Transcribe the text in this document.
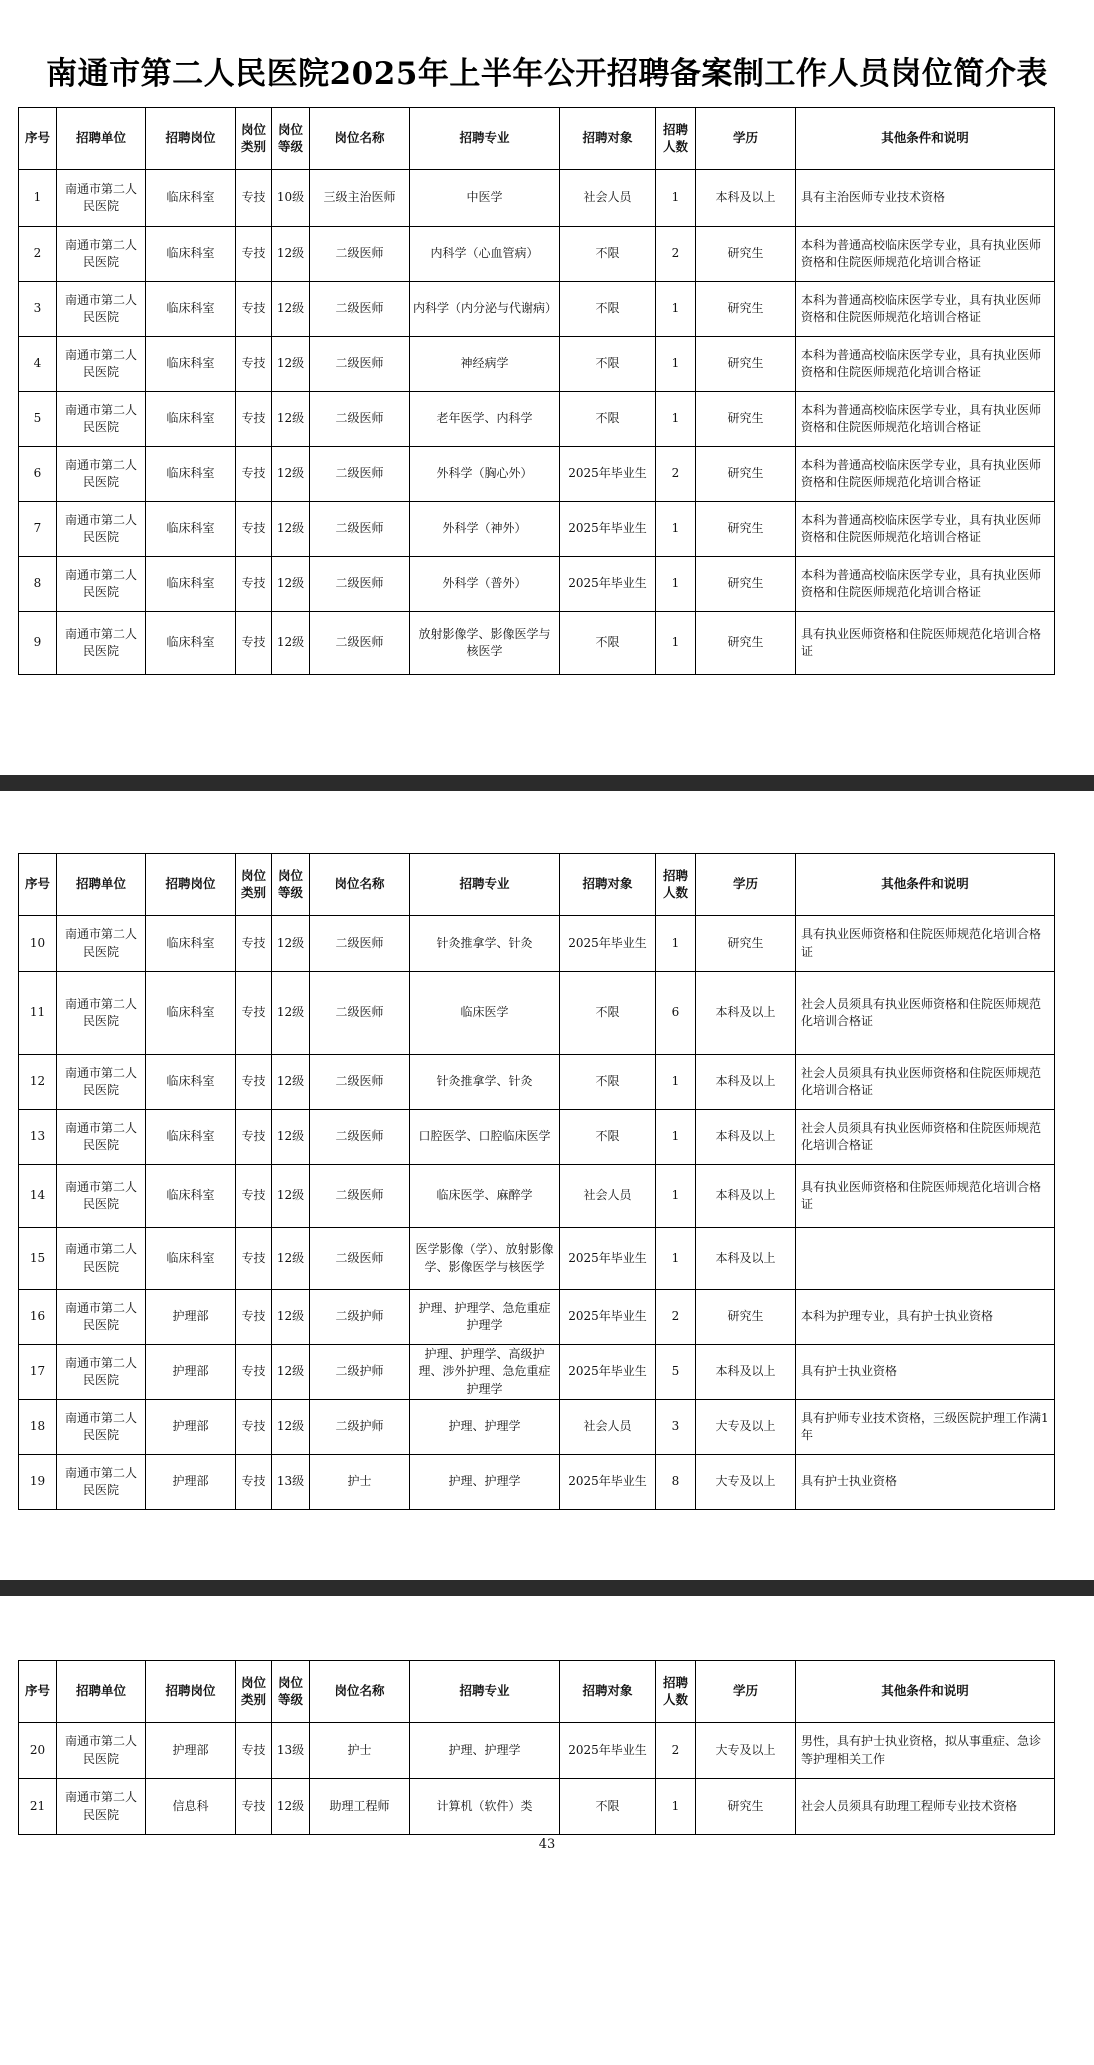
南通市第二人民医院2025年上半年公开招聘备案制工作人员岗位简介表
序号	招聘单位	招聘岗位	岗位类别	岗位等级	岗位名称	招聘专业	招聘对象	招聘人数	学历	其他条件和说明
1	南通市第二人民医院	临床科室	专技	10级	三级主治医师	中医学	社会人员	1	本科及以上	具有主治医师专业技术资格
2	南通市第二人民医院	临床科室	专技	12级	二级医师	内科学（心血管病）	不限	2	研究生	本科为普通高校临床医学专业，具有执业医师资格和住院医师规范化培训合格证
3	南通市第二人民医院	临床科室	专技	12级	二级医师	内科学（内分泌与代谢病）	不限	1	研究生	本科为普通高校临床医学专业，具有执业医师资格和住院医师规范化培训合格证
4	南通市第二人民医院	临床科室	专技	12级	二级医师	神经病学	不限	1	研究生	本科为普通高校临床医学专业，具有执业医师资格和住院医师规范化培训合格证
5	南通市第二人民医院	临床科室	专技	12级	二级医师	老年医学、内科学	不限	1	研究生	本科为普通高校临床医学专业，具有执业医师资格和住院医师规范化培训合格证
6	南通市第二人民医院	临床科室	专技	12级	二级医师	外科学（胸心外）	2025年毕业生	2	研究生	本科为普通高校临床医学专业，具有执业医师资格和住院医师规范化培训合格证
7	南通市第二人民医院	临床科室	专技	12级	二级医师	外科学（神外）	2025年毕业生	1	研究生	本科为普通高校临床医学专业，具有执业医师资格和住院医师规范化培训合格证
8	南通市第二人民医院	临床科室	专技	12级	二级医师	外科学（普外）	2025年毕业生	1	研究生	本科为普通高校临床医学专业，具有执业医师资格和住院医师规范化培训合格证
9	南通市第二人民医院	临床科室	专技	12级	二级医师	放射影像学、影像医学与核医学	不限	1	研究生	具有执业医师资格和住院医师规范化培训合格证
序号	招聘单位	招聘岗位	岗位类别	岗位等级	岗位名称	招聘专业	招聘对象	招聘人数	学历	其他条件和说明
10	南通市第二人民医院	临床科室	专技	12级	二级医师	针灸推拿学、针灸	2025年毕业生	1	研究生	具有执业医师资格和住院医师规范化培训合格证
11	南通市第二人民医院	临床科室	专技	12级	二级医师	临床医学	不限	6	本科及以上	社会人员须具有执业医师资格和住院医师规范化培训合格证
12	南通市第二人民医院	临床科室	专技	12级	二级医师	针灸推拿学、针灸	不限	1	本科及以上	社会人员须具有执业医师资格和住院医师规范化培训合格证
13	南通市第二人民医院	临床科室	专技	12级	二级医师	口腔医学、口腔临床医学	不限	1	本科及以上	社会人员须具有执业医师资格和住院医师规范化培训合格证
14	南通市第二人民医院	临床科室	专技	12级	二级医师	临床医学、麻醉学	社会人员	1	本科及以上	具有执业医师资格和住院医师规范化培训合格证
15	南通市第二人民医院	临床科室	专技	12级	二级医师	医学影像（学）、放射影像学、影像医学与核医学	2025年毕业生	1	本科及以上	
16	南通市第二人民医院	护理部	专技	12级	二级护师	护理、护理学、急危重症护理学	2025年毕业生	2	研究生	本科为护理专业，具有护士执业资格
17	南通市第二人民医院	护理部	专技	12级	二级护师	护理、护理学、高级护理、涉外护理、急危重症护理学	2025年毕业生	5	本科及以上	具有护士执业资格
18	南通市第二人民医院	护理部	专技	12级	二级护师	护理、护理学	社会人员	3	大专及以上	具有护师专业技术资格，三级医院护理工作满1年
19	南通市第二人民医院	护理部	专技	13级	护士	护理、护理学	2025年毕业生	8	大专及以上	具有护士执业资格
序号	招聘单位	招聘岗位	岗位类别	岗位等级	岗位名称	招聘专业	招聘对象	招聘人数	学历	其他条件和说明
20	南通市第二人民医院	护理部	专技	13级	护士	护理、护理学	2025年毕业生	2	大专及以上	男性，具有护士执业资格，拟从事重症、急诊等护理相关工作
21	南通市第二人民医院	信息科	专技	12级	助理工程师	计算机（软件）类	不限	1	研究生	社会人员须具有助理工程师专业技术资格
43
